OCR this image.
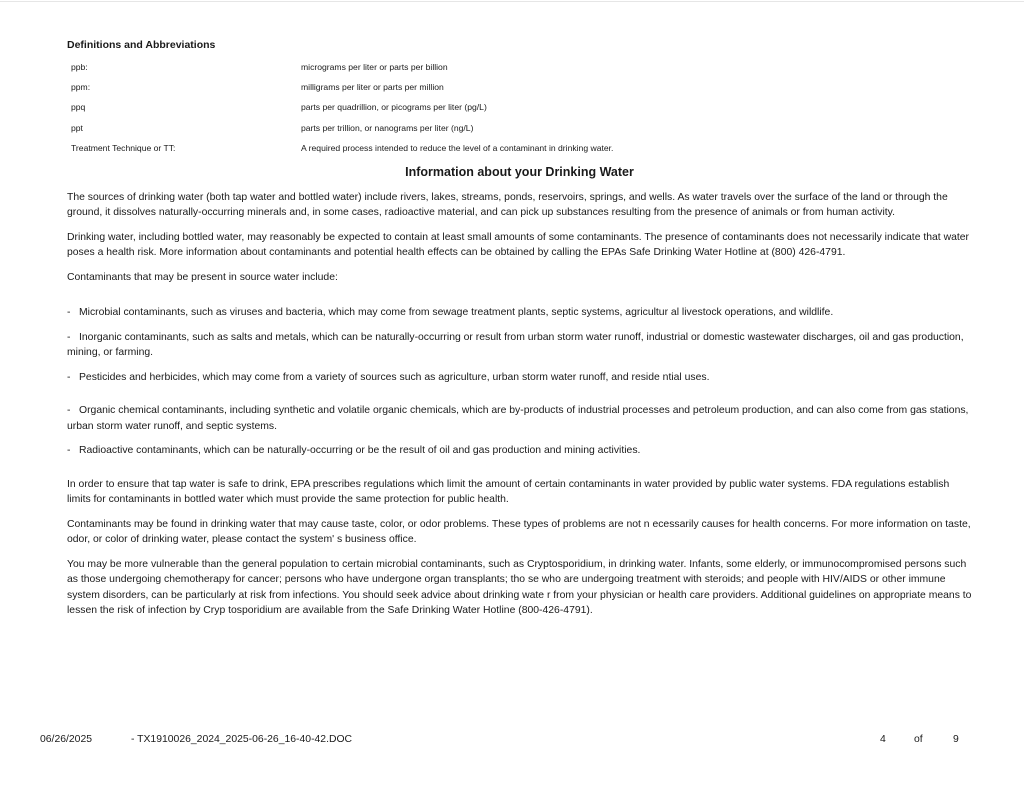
Definitions and Abbreviations
ppb:	micrograms per liter or parts per billion
ppm:	milligrams per liter or parts per million
ppq	parts per quadrillion, or picograms per liter (pg/L)
ppt	parts per trillion, or nanograms per liter (ng/L)
Treatment Technique or TT:	A required process intended to reduce the level of a contaminant in drinking water.
Information about your Drinking Water

The sources of drinking water (both tap water and bottled water) include rivers, lakes, streams, ponds, reservoirs, springs, and wells. As water travels over the surface of the land or through the ground, it dissolves naturally-occurring minerals and, in some cases, radioactive material, and can pick up substances resulting from the presence of animals or from human activity.

Drinking water, including bottled water, may reasonably be expected to contain at least small amounts of some contaminants. The presence of contaminants does not necessarily indicate that water poses a health risk. More information about contaminants and potential health effects can be obtained by calling the EPAs Safe Drinking Water Hotline at (800) 426-4791.

Contaminants that may be present in source water include:

- Microbial contaminants, such as viruses and bacteria, which may come from sewage treatment plants, septic systems, agricultur al livestock operations, and wildlife.

- Inorganic contaminants, such as salts and metals, which can be naturally-occurring or result from urban storm water runoff, industrial or domestic wastewater discharges, oil and gas production, mining, or farming.

- Pesticides and herbicides, which may come from a variety of sources such as agriculture, urban storm water runoff, and reside ntial uses.

- Organic chemical contaminants, including synthetic and volatile organic chemicals, which are by-products of industrial processes and petroleum production, and can also come from gas stations, urban storm water runoff, and septic systems.

- Radioactive contaminants, which can be naturally-occurring or be the result of oil and gas production and mining activities.

In order to ensure that tap water is safe to drink, EPA prescribes regulations which limit the amount of certain contaminants in water provided by public water systems. FDA regulations establish limits for contaminants in bottled water which must provide the same protection for public health.

Contaminants may be found in drinking water that may cause taste, color, or odor problems. These types of problems are not n ecessarily causes for health concerns. For more information on taste, odor, or color of drinking water, please contact the system' s business office.

You may be more vulnerable than the general population to certain microbial contaminants, such as Cryptosporidium, in drinking water. Infants, some elderly, or immunocompromised persons such as those undergoing chemotherapy for cancer; persons who have undergone organ transplants; tho se who are undergoing treatment with steroids; and people with HIV/AIDS or other immune system disorders, can be particularly at risk from infections. You should seek advice about drinking wate r from your physician or health care providers. Additional guidelines on appropriate means to lessen the risk of infection by Cryp tosporidium are available from the Safe Drinking Water Hotline (800-426-4791).

06/26/2025	- TX1910026_2024_2025-06-26_16-40-42.DOC	4	of	9
